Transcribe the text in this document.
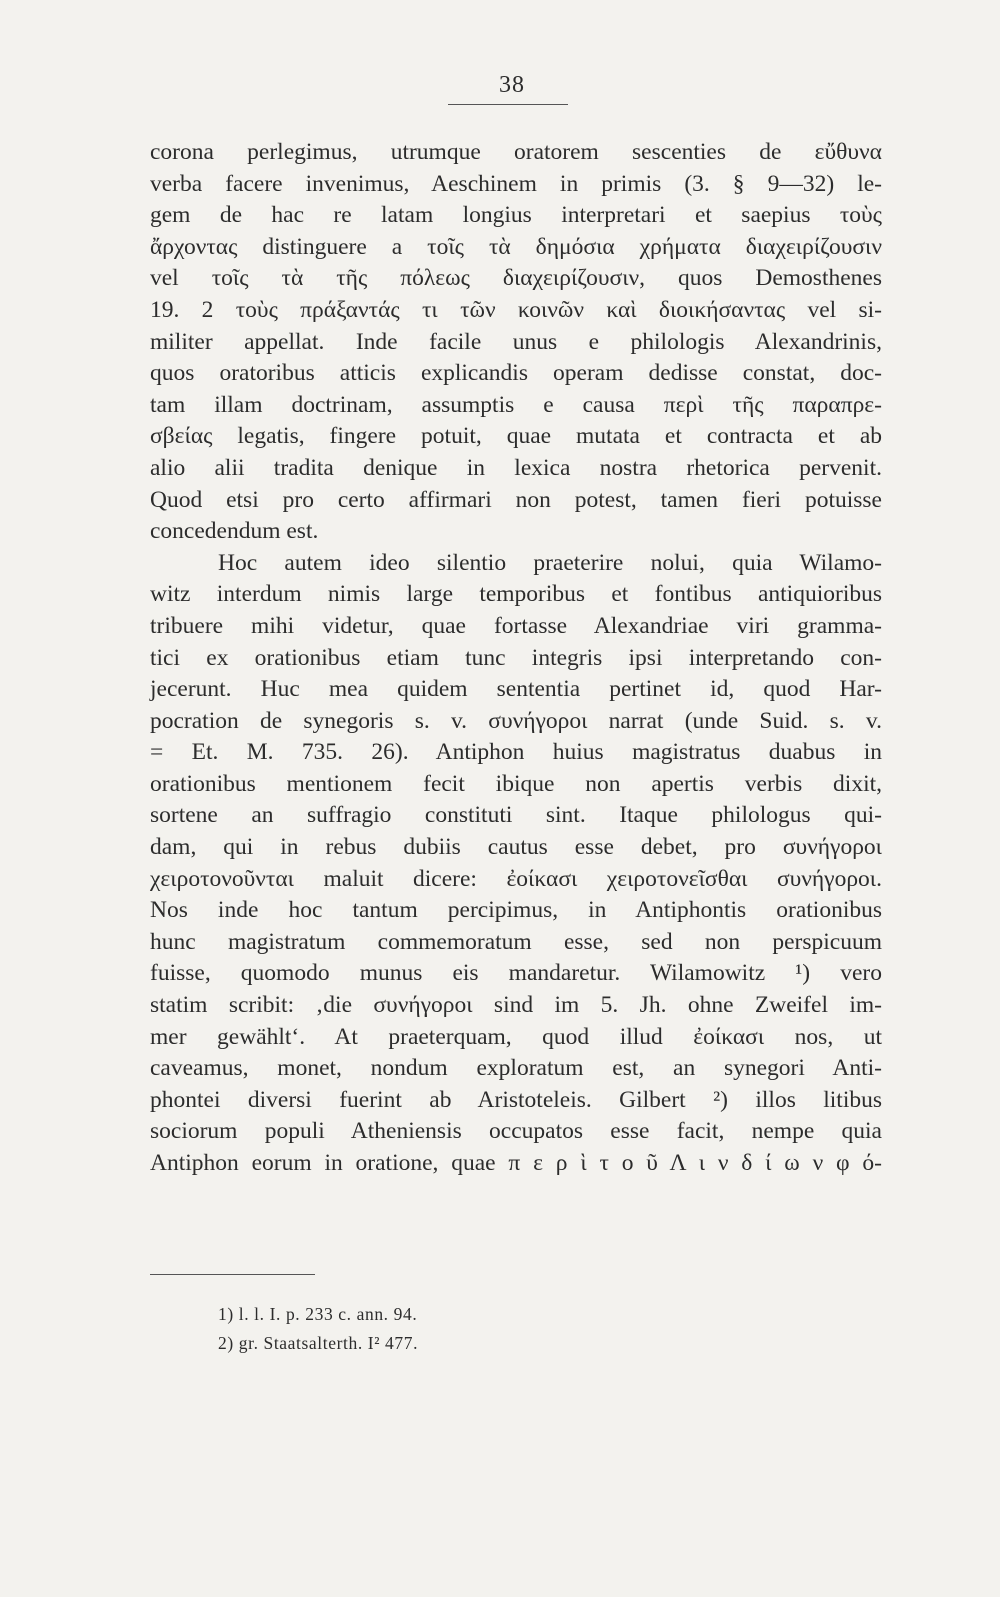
38
corona perlegimus, utrumque oratorem sescenties de εὔθυνα
verba facere invenimus, Aeschinem in primis (3. § 9—32) le-
gem de hac re latam longius interpretari et saepius τοὺς
ἄρχοντας distinguere a τοῖς τὰ δημόσια χρήματα διαχειρίζουσιν
vel τοῖς τὰ τῆς πόλεως διαχειρίζουσιν, quos Demosthenes
19. 2 τοὺς πράξαντάς τι τῶν κοινῶν καὶ διοικήσαντας vel si-
militer appellat. Inde facile unus e philologis Alexandrinis,
quos oratoribus atticis explicandis operam dedisse constat, doc-
tam illam doctrinam, assumptis e causa περὶ τῆς παραπρε-
σβείας legatis, fingere potuit, quae mutata et contracta et ab
alio alii tradita denique in lexica nostra rhetorica pervenit.
Quod etsi pro certo affirmari non potest, tamen fieri potuisse
concedendum est.
Hoc autem ideo silentio praeterire nolui, quia Wilamo-
witz interdum nimis large temporibus et fontibus antiquioribus
tribuere mihi videtur, quae fortasse Alexandriae viri gramma-
tici ex orationibus etiam tunc integris ipsi interpretando con-
jecerunt. Huc mea quidem sententia pertinet id, quod Har-
pocration de synegoris s. v. συνήγοροι narrat (unde Suid. s. v.
= Et. M. 735. 26). Antiphon huius magistratus duabus in
orationibus mentionem fecit ibique non apertis verbis dixit,
sortene an suffragio constituti sint. Itaque philologus qui-
dam, qui in rebus dubiis cautus esse debet, pro συνήγοροι
χειροτονοῦνται maluit dicere: ἐοίκασι χειροτονεῖσθαι συνήγοροι.
Nos inde hoc tantum percipimus, in Antiphontis orationibus
hunc magistratum commemoratum esse, sed non perspicuum
fuisse, quomodo munus eis mandaretur. Wilamowitz ¹) vero
statim scribit: ‚die συνήγοροι sind im 5. Jh. ohne Zweifel im-
mer gewählt‘. At praeterquam, quod illud ἐοίκασι nos, ut
caveamus, monet, nondum exploratum est, an synegori Anti-
phontei diversi fuerint ab Aristoteleis. Gilbert ²) illos litibus
sociorum populi Atheniensis occupatos esse facit, nempe quia
Antiphon eorum in oratione, quae π ε ρ ὶ τ ο ῦ Λ ι ν δ ί ω ν φ ό-
1) l. l. I. p. 233 c. ann. 94.
2) gr. Staatsalterth. I² 477.
